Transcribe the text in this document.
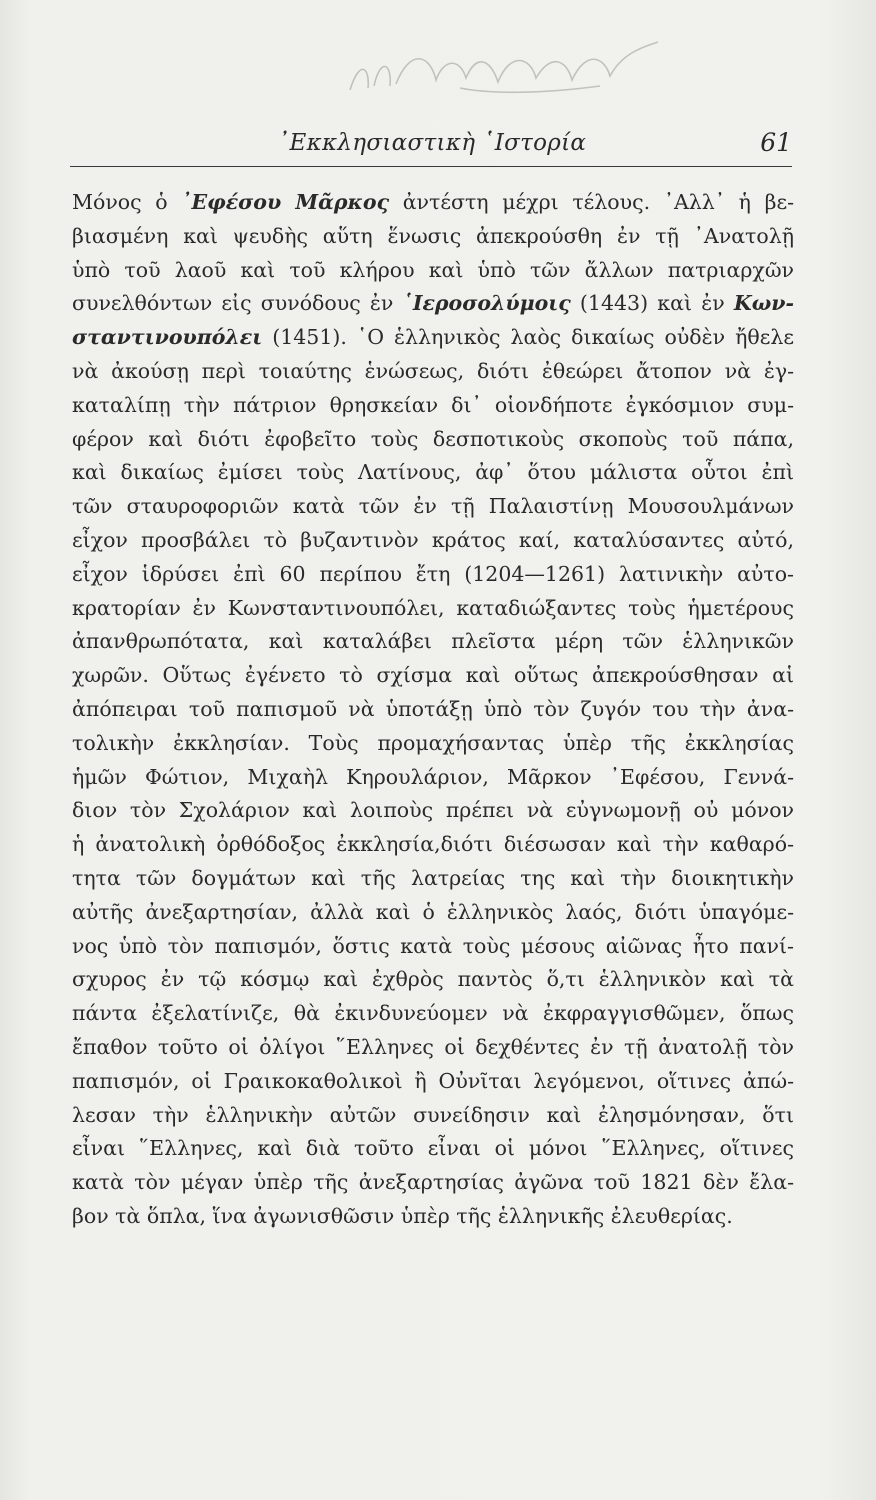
᾿Εκκλησιαστικὴ ῾Ιστορία	61
Μόνος ὁ ᾿Εφέσου Μᾶρκος ἀντέστη μέχρι τέλους. ᾿Αλλ᾿ ἡ βε-
βιασμένη καὶ ψευδὴς αὕτη ἕνωσις ἀπεκρούσθη ἐν τῇ ᾿Ανατολῇ
ὑπὸ τοῦ λαοῦ καὶ τοῦ κλήρου καὶ ὑπὸ τῶν ἄλλων πατριαρχῶν
συνελθόντων εἰς συνόδους ἐν ῾Ιεροσολύμοις (1443) καὶ ἐν Κων-
σταντινουπόλει (1451). ῾Ο ἑλληνικὸς λαὸς δικαίως οὐδὲν ἤθελε
νὰ ἀκούσῃ περὶ τοιαύτης ἑνώσεως, διότι ἐθεώρει ἄτοπον νὰ ἐγ-
καταλίπῃ τὴν πάτριον θρησκείαν δι᾿ οἱονδήποτε ἐγκόσμιον συμ-
φέρον καὶ διότι ἐφοβεῖτο τοὺς δεσποτικοὺς σκοποὺς τοῦ πάπα,
καὶ δικαίως ἐμίσει τοὺς Λατίνους, ἀφ᾿ ὅτου μάλιστα οὗτοι ἐπὶ
τῶν σταυροφοριῶν κατὰ τῶν ἐν τῇ Παλαιστίνῃ Μουσουλμάνων
εἶχον προσβάλει τὸ βυζαντινὸν κράτος καί, καταλύσαντες αὐτό,
εἶχον ἱδρύσει ἐπὶ 60 περίπου ἔτη (1204—1261) λατινικὴν αὐτο-
κρατορίαν ἐν Κωνσταντινουπόλει, καταδιώξαντες τοὺς ἡμετέρους
ἀπανθρωπότατα, καὶ καταλάβει πλεῖστα μέρη τῶν ἑλληνικῶν
χωρῶν. Οὕτως ἐγένετο τὸ σχίσμα καὶ οὕτως ἀπεκρούσθησαν αἱ
ἀπόπειραι τοῦ παπισμοῦ νὰ ὑποτάξῃ ὑπὸ τὸν ζυγόν του τὴν ἀνα-
τολικὴν ἐκκλησίαν. Τοὺς προμαχήσαντας ὑπὲρ τῆς ἐκκλησίας
ἡμῶν Φώτιον, Μιχαὴλ Κηρουλάριον, Μᾶρκον ᾿Εφέσου, Γεννά-
διον τὸν Σχολάριον καὶ λοιποὺς πρέπει νὰ εὐγνωμονῇ οὐ μόνον
ἡ ἀνατολικὴ ὀρθόδοξος ἐκκλησία,διότι διέσωσαν καὶ τὴν καθαρό-
τητα τῶν δογμάτων καὶ τῆς λατρείας της καὶ τὴν διοικητικὴν
αὐτῆς ἀνεξαρτησίαν, ἀλλὰ καὶ ὁ ἑλληνικὸς λαός, διότι ὑπαγόμε-
νος ὑπὸ τὸν παπισμόν, ὅστις κατὰ τοὺς μέσους αἰῶνας ἦτο πανί-
σχυρος ἐν τῷ κόσμῳ καὶ ἐχθρὸς παντὸς ὅ,τι ἑλληνικὸν καὶ τὰ
πάντα ἐξελατίνιζε, θὰ ἐκινδυνεύομεν νὰ ἐκφραγγισθῶμεν, ὅπως
ἔπαθον τοῦτο οἱ ὀλίγοι ῞Ελληνες οἱ δεχθέντες ἐν τῇ ἀνατολῇ τὸν
παπισμόν, οἱ Γραικοκαθολικοὶ ἢ Οὐνῖται λεγόμενοι, οἵτινες ἀπώ-
λεσαν τὴν ἑλληνικὴν αὐτῶν συνείδησιν καὶ ἐλησμόνησαν, ὅτι
εἶναι ῞Ελληνες, καὶ διὰ τοῦτο εἶναι οἱ μόνοι ῞Ελληνες, οἵτινες
κατὰ τὸν μέγαν ὑπὲρ τῆς ἀνεξαρτησίας ἀγῶνα τοῦ 1821 δὲν ἔλα-
βον τὰ ὅπλα, ἵνα ἀγωνισθῶσιν ὑπὲρ τῆς ἑλληνικῆς ἐλευθερίας.
